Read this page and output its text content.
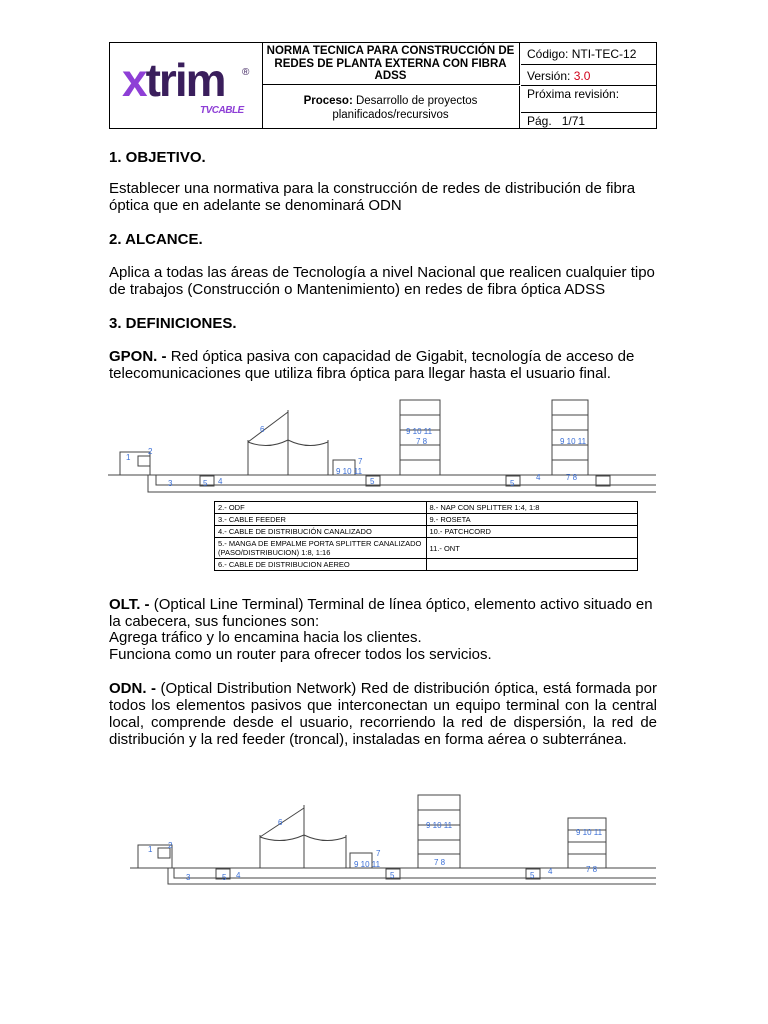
xtrim ®
TVCABLE
NORMA TECNICA PARA CONSTRUCCIÓN DE REDES DE PLANTA EXTERNA CON FIBRA ADSS
Proceso: Desarrollo de proyectos planificados/recursivos
Código: NTI-TEC-12
Versión: 3.0
Próxima revisión:
Pág. 1/71
1. OBJETIVO.
Establecer una normativa para la construcción de redes de distribución de fibra óptica que en adelante se denominará ODN
2. ALCANCE.
Aplica a todas las áreas de Tecnología a nivel Nacional que realicen cualquier tipo de trabajos (Construcción o Mantenimiento) en redes de fibra óptica ADSS
3. DEFINICIONES.
GPON. - Red óptica pasiva con capacidad de Gigabit, tecnología de acceso de telecomunicaciones que utiliza fibra óptica para llegar hasta el usuario final.
1
2
3	4
5
6
7
9 10 11
9 10 11
7 8	9 10 11
7 8
5	5
4
2.- ODF	8.- NAP CON SPLITTER 1:4, 1:8
3.- CABLE FEEDER	9.- ROSETA
4.- CABLE DE DISTRIBUCIÓN CANALIZADO	10.- PATCHCORD
5.- MANGA DE EMPALME PORTA SPLITTER CANALIZADO (PASO/DISTRIBUCION) 1:8, 1:16	11.- ONT
6.- CABLE DE DISTRIBUCION AEREO	
OLT. - (Optical Line Terminal) Terminal de línea óptico, elemento activo situado en la cabecera, sus funciones son:
Agrega tráfico y lo encamina hacia los clientes.
Funciona como un router para ofrecer todos los servicios.
ODN. - (Optical Distribution Network) Red de distribución óptica, está formada por todos los elementos pasivos que interconectan un equipo terminal con la central local, comprende desde el usuario, recorriendo la red de dispersión, la red de distribución y la red feeder (troncal), instaladas en forma aérea o subterránea.
1 2
3	4
5
6
7
9 10 11
9 10 11
7 8
9 10 11
7 8
5	5 4
